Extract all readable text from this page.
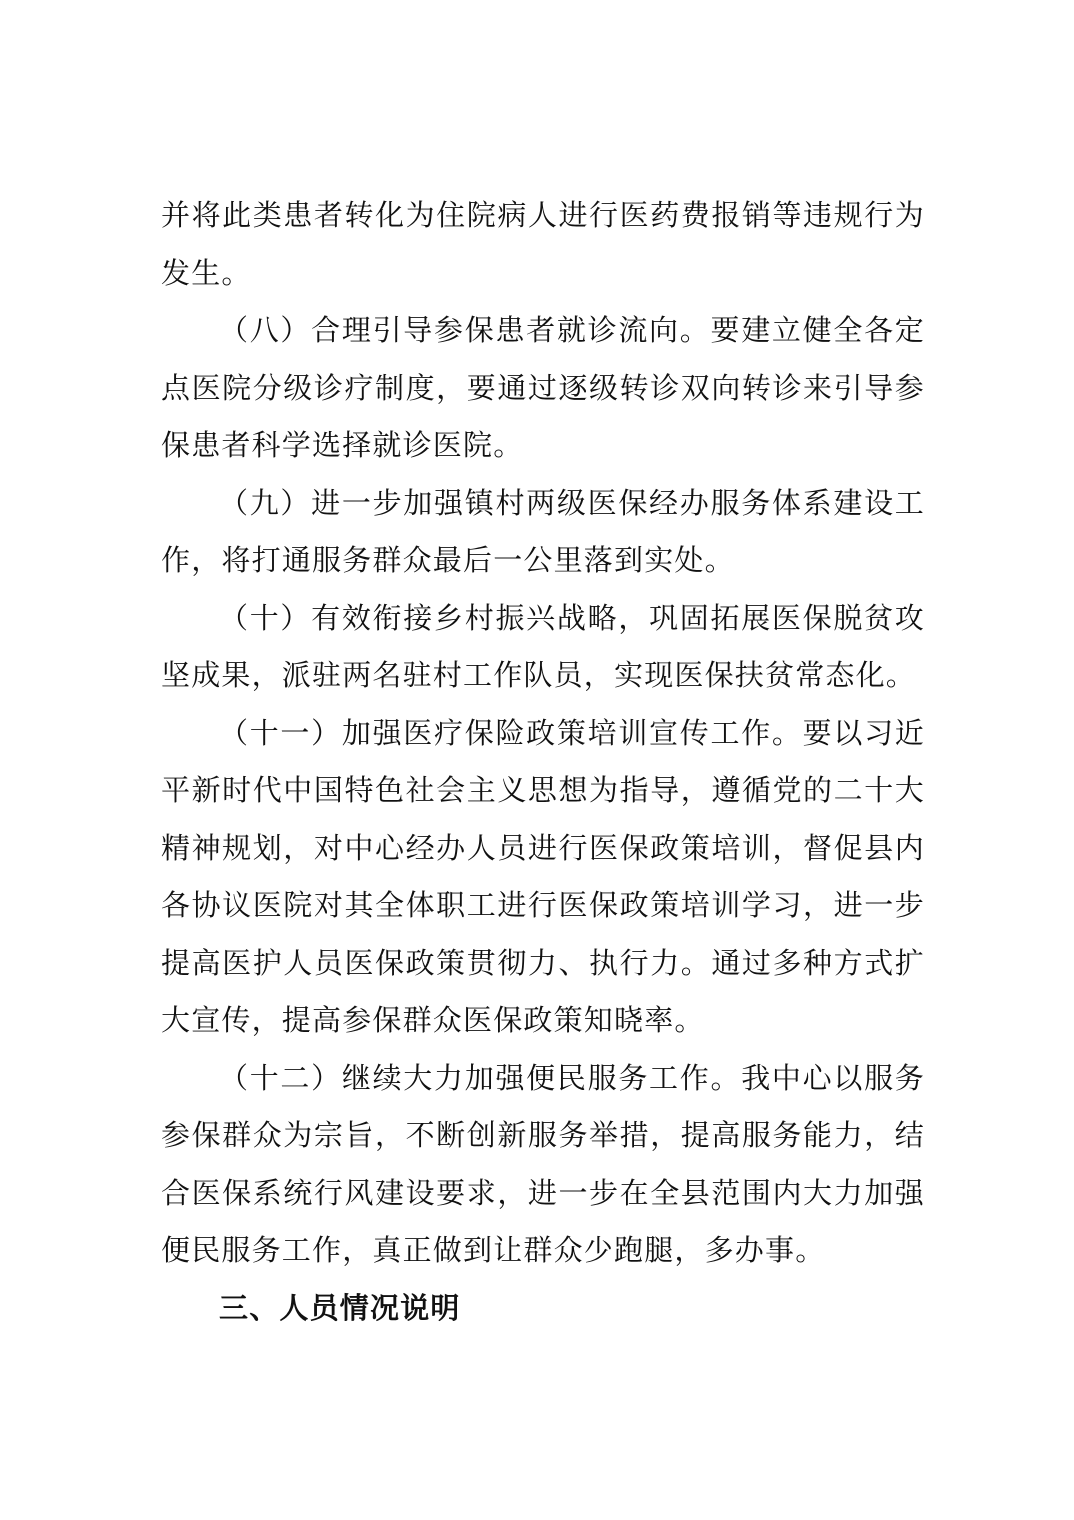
并将此类患者转化为住院病人进行医药费报销等违规行为发生。

（八）合理引导参保患者就诊流向。要建立健全各定点医院分级诊疗制度，要通过逐级转诊双向转诊来引导参保患者科学选择就诊医院。

（九）进一步加强镇村两级医保经办服务体系建设工作，将打通服务群众最后一公里落到实处。

（十）有效衔接乡村振兴战略，巩固拓展医保脱贫攻坚成果，派驻两名驻村工作队员，实现医保扶贫常态化。

（十一）加强医疗保险政策培训宣传工作。要以习近平新时代中国特色社会主义思想为指导，遵循党的二十大精神规划，对中心经办人员进行医保政策培训，督促县内各协议医院对其全体职工进行医保政策培训学习，进一步提高医护人员医保政策贯彻力、执行力。通过多种方式扩大宣传，提高参保群众医保政策知晓率。

（十二）继续大力加强便民服务工作。我中心以服务参保群众为宗旨，不断创新服务举措，提高服务能力，结合医保系统行风建设要求，进一步在全县范围内大力加强便民服务工作，真正做到让群众少跑腿，多办事。

三、人员情况说明
